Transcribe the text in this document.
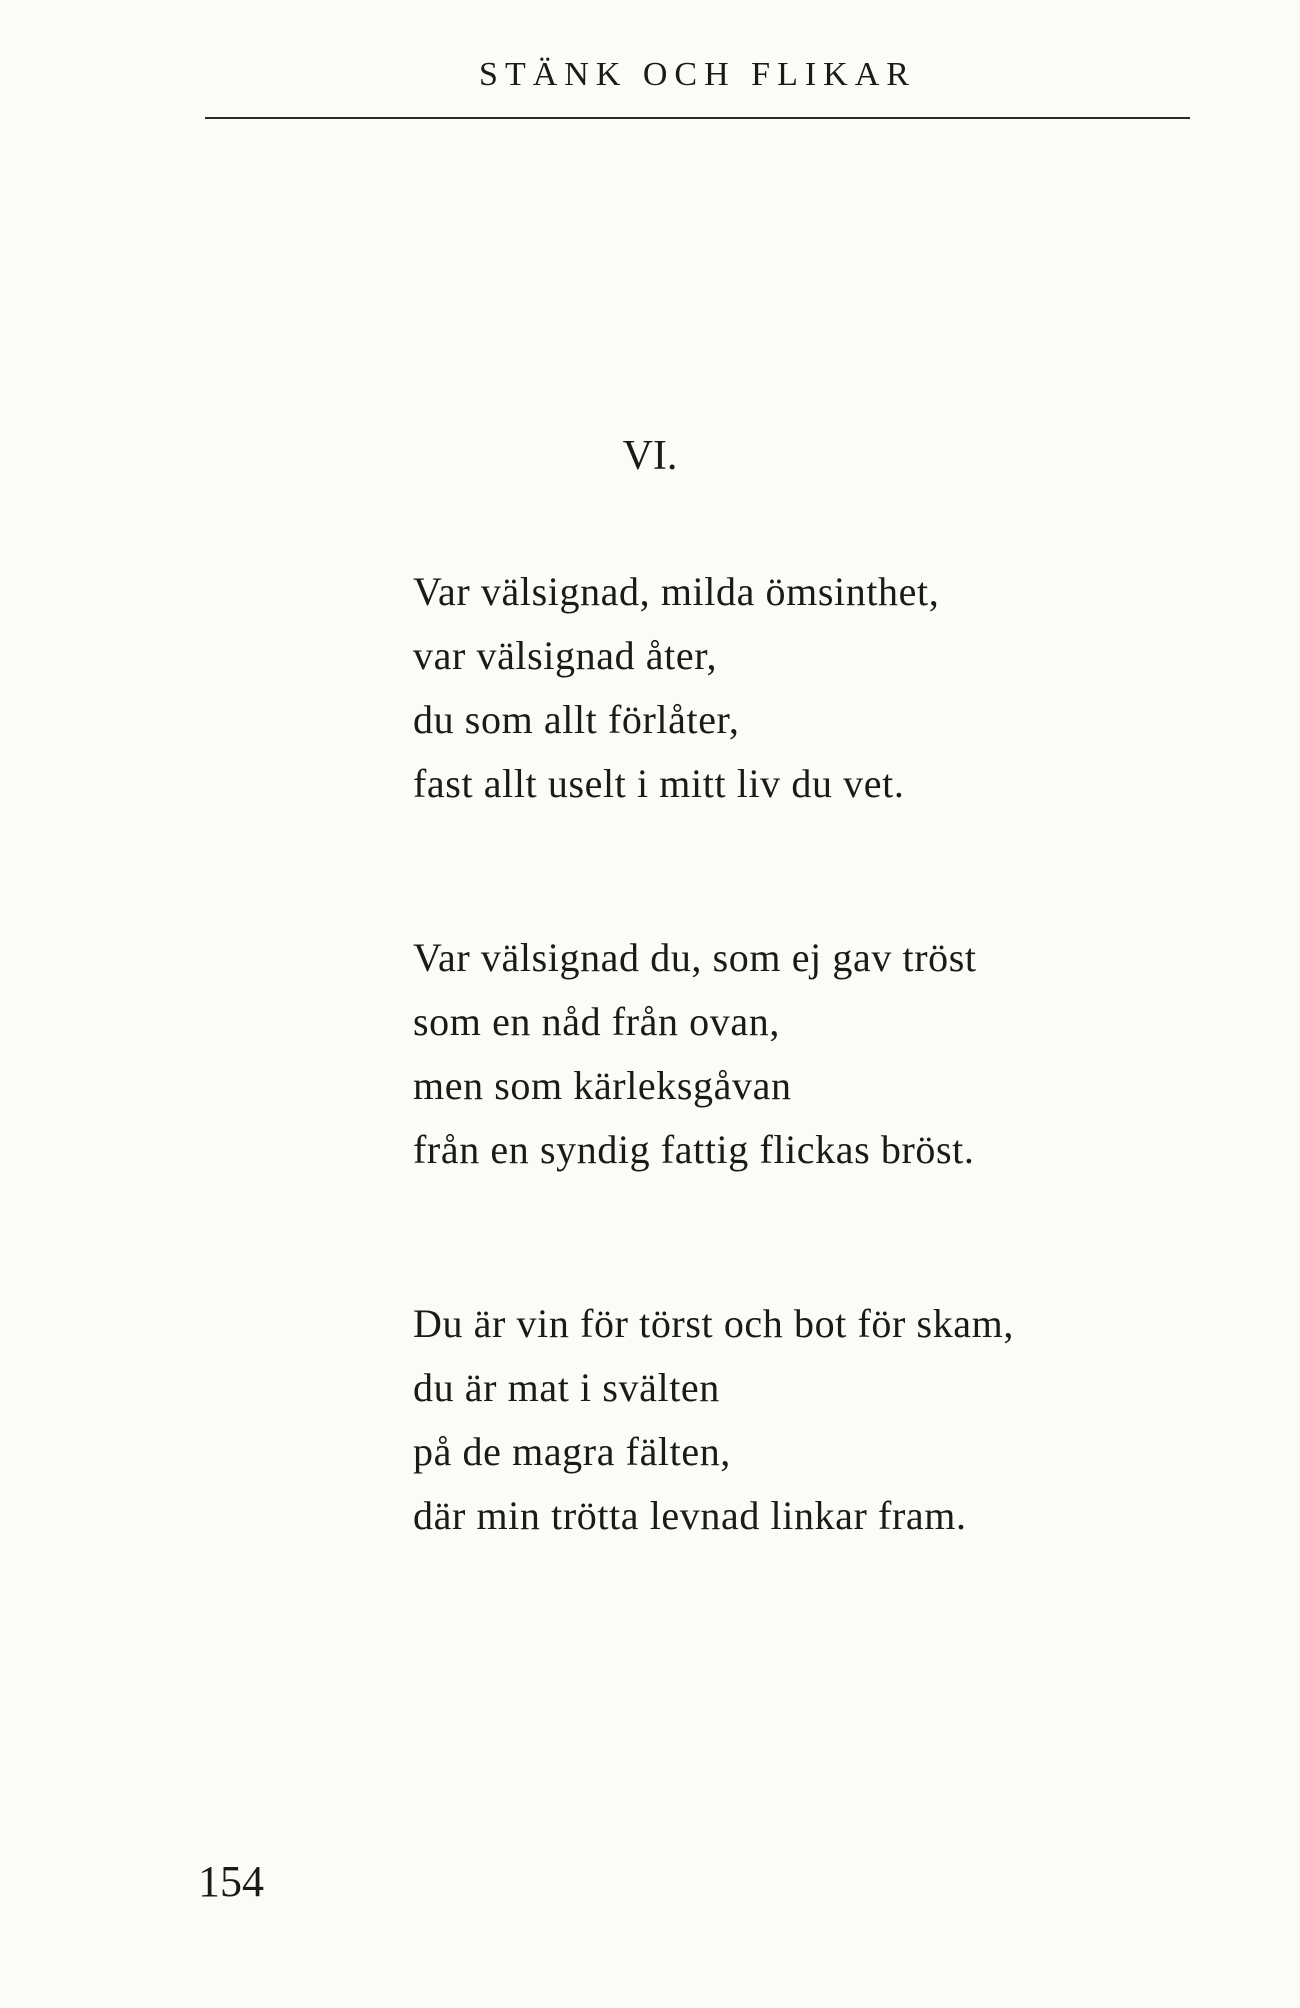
STÄNK OCH FLIKAR
VI.
Var välsignad, milda ömsinthet,
var välsignad åter,
du som allt förlåter,
fast allt uselt i mitt liv du vet.
Var välsignad du, som ej gav tröst
som en nåd från ovan,
men som kärleksgåvan
från en syndig fattig flickas bröst.
Du är vin för törst och bot för skam,
du är mat i svälten
på de magra fälten,
där min trötta levnad linkar fram.
154
